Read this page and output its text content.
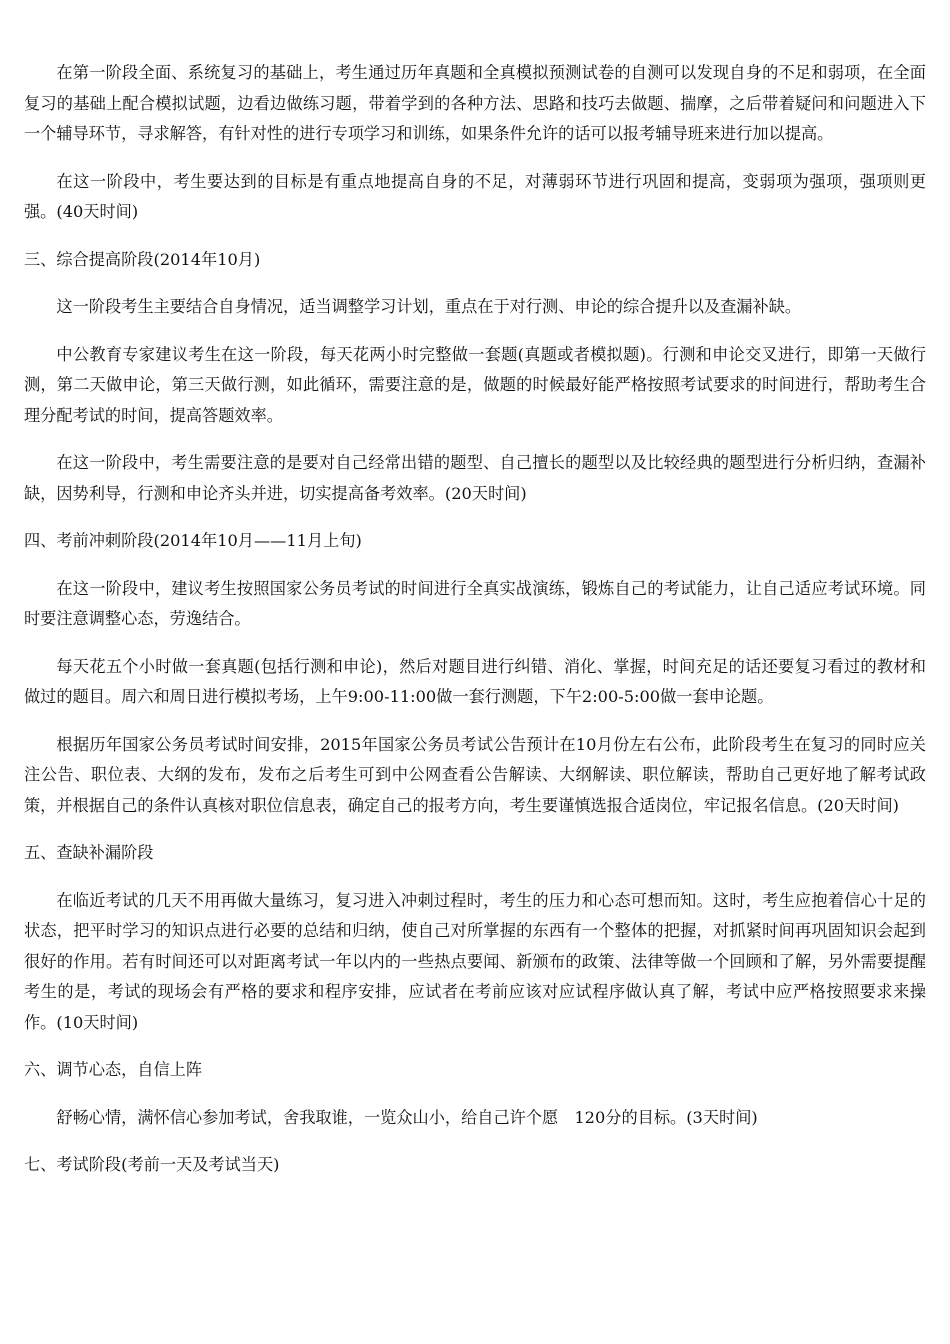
在第一阶段全面、系统复习的基础上，考生通过历年真题和全真模拟预测试卷的自测可以发现自身的不足和弱项，在全面复习的基础上配合模拟试题，边看边做练习题，带着学到的各种方法、思路和技巧去做题、揣摩，之后带着疑问和问题进入下一个辅导环节，寻求解答，有针对性的进行专项学习和训练，如果条件允许的话可以报考辅导班来进行加以提高。

在这一阶段中，考生要达到的目标是有重点地提高自身的不足，对薄弱环节进行巩固和提高，变弱项为强项，强项则更强。(40天时间)

三、综合提高阶段(2014年10月)

这一阶段考生主要结合自身情况，适当调整学习计划，重点在于对行测、申论的综合提升以及查漏补缺。

中公教育专家建议考生在这一阶段，每天花两小时完整做一套题(真题或者模拟题)。行测和申论交叉进行，即第一天做行测，第二天做申论，第三天做行测，如此循环，需要注意的是，做题的时候最好能严格按照考试要求的时间进行，帮助考生合理分配考试的时间，提高答题效率。

在这一阶段中，考生需要注意的是要对自己经常出错的题型、自己擅长的题型以及比较经典的题型进行分析归纳，查漏补缺，因势利导，行测和申论齐头并进，切实提高备考效率。(20天时间)

四、考前冲刺阶段(2014年10月——11月上旬)

在这一阶段中，建议考生按照国家公务员考试的时间进行全真实战演练，锻炼自己的考试能力，让自己适应考试环境。同时要注意调整心态，劳逸结合。

每天花五个小时做一套真题(包括行测和申论)，然后对题目进行纠错、消化、掌握，时间充足的话还要复习看过的教材和做过的题目。周六和周日进行模拟考场，上午9:00-11:00做一套行测题，下午2:00-5:00做一套申论题。

根据历年国家公务员考试时间安排，2015年国家公务员考试公告预计在10月份左右公布，此阶段考生在复习的同时应关注公告、职位表、大纲的发布，发布之后考生可到中公网查看公告解读、大纲解读、职位解读，帮助自己更好地了解考试政策，并根据自己的条件认真核对职位信息表，确定自己的报考方向，考生要谨慎选报合适岗位，牢记报名信息。(20天时间)

五、查缺补漏阶段

在临近考试的几天不用再做大量练习，复习进入冲刺过程时，考生的压力和心态可想而知。这时，考生应抱着信心十足的状态，把平时学习的知识点进行必要的总结和归纳，使自己对所掌握的东西有一个整体的把握，对抓紧时间再巩固知识会起到很好的作用。若有时间还可以对距离考试一年以内的一些热点要闻、新颁布的政策、法律等做一个回顾和了解，另外需要提醒考生的是，考试的现场会有严格的要求和程序安排，应试者在考前应该对应试程序做认真了解，考试中应严格按照要求来操作。(10天时间)

六、调节心态，自信上阵

舒畅心情，满怀信心参加考试，舍我取谁，一览众山小，给自己许个愿　120分的目标。(3天时间)

七、考试阶段(考前一天及考试当天)
